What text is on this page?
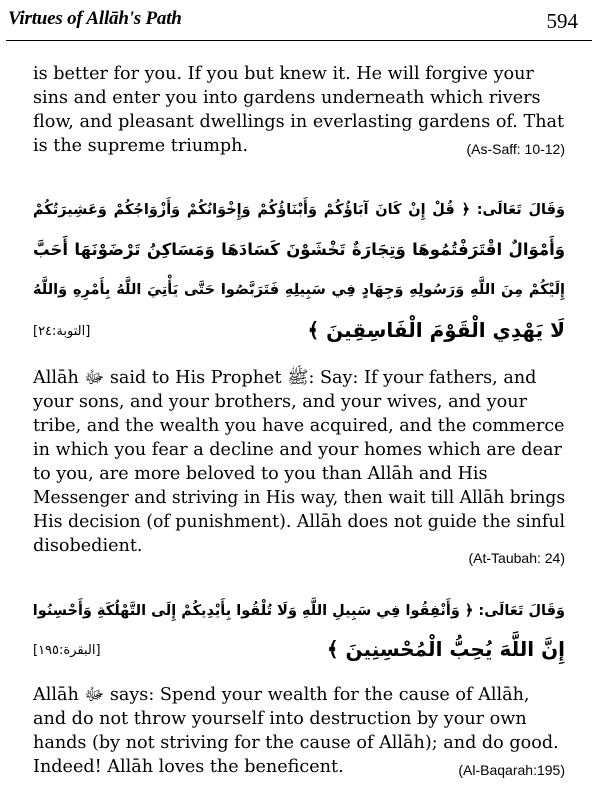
Virtues of Allāh's Path	594
is better for you. If you but knew it. He will forgive your
sins and enter you into gardens underneath which rivers
flow, and pleasant dwellings in everlasting gardens of. That
is the supreme triumph.	(As-Saff: 10-12)
وَقَالَ تَعَالَى: ﴿ قُلْ إِنْ كَانَ آبَاؤُكُمْ وَأَبْنَاؤُكُمْ وَإِخْوَانُكُمْ وَأَزْوَاجُكُمْ وَعَشِيرَتُكُمْ
وَأَمْوَالٌ اقْتَرَفْتُمُوهَا وَتِجَارَةٌ تَخْشَوْنَ كَسَادَهَا وَمَسَاكِنُ تَرْضَوْنَهَا أَحَبَّ
إِلَيْكُمْ مِنَ اللَّهِ وَرَسُولِهِ وَجِهَادٍ فِي سَبِيلِهِ فَتَرَبَّصُوا حَتَّى يَأْتِيَ اللَّهُ بِأَمْرِهِ وَاللَّهُ
لَا يَهْدِي الْقَوْمَ الْفَاسِقِينَ ﴾
[التوبة:٢٤]
Allāh ﷻ said to His Prophet ﷺ: Say: If your fathers, and
your sons, and your brothers, and your wives, and your
tribe, and the wealth you have acquired, and the commerce
in which you fear a decline and your homes which are dear
to you, are more beloved to you than Allāh and His
Messenger and striving in His way, then wait till Allāh brings His decision (of punishment). Allāh does not guide the sinful
disobedient.
(At-Taubah: 24)
وَقَالَ تَعَالَى: ﴿ وَأَنْفِقُوا فِي سَبِيلِ اللَّهِ وَلَا تُلْقُوا بِأَيْدِيكُمْ إِلَى التَّهْلُكَةِ وَأَحْسِنُوا
إِنَّ اللَّهَ يُحِبُّ الْمُحْسِنِينَ ﴾
[البقرة:١٩٥]
Allāh ﷻ says: Spend your wealth for the cause of Allāh,
and do not throw yourself into destruction by your own
hands (by not striving for the cause of Allāh); and do good.
Indeed! Allāh loves the beneficent.	(Al-Baqarah:195)
